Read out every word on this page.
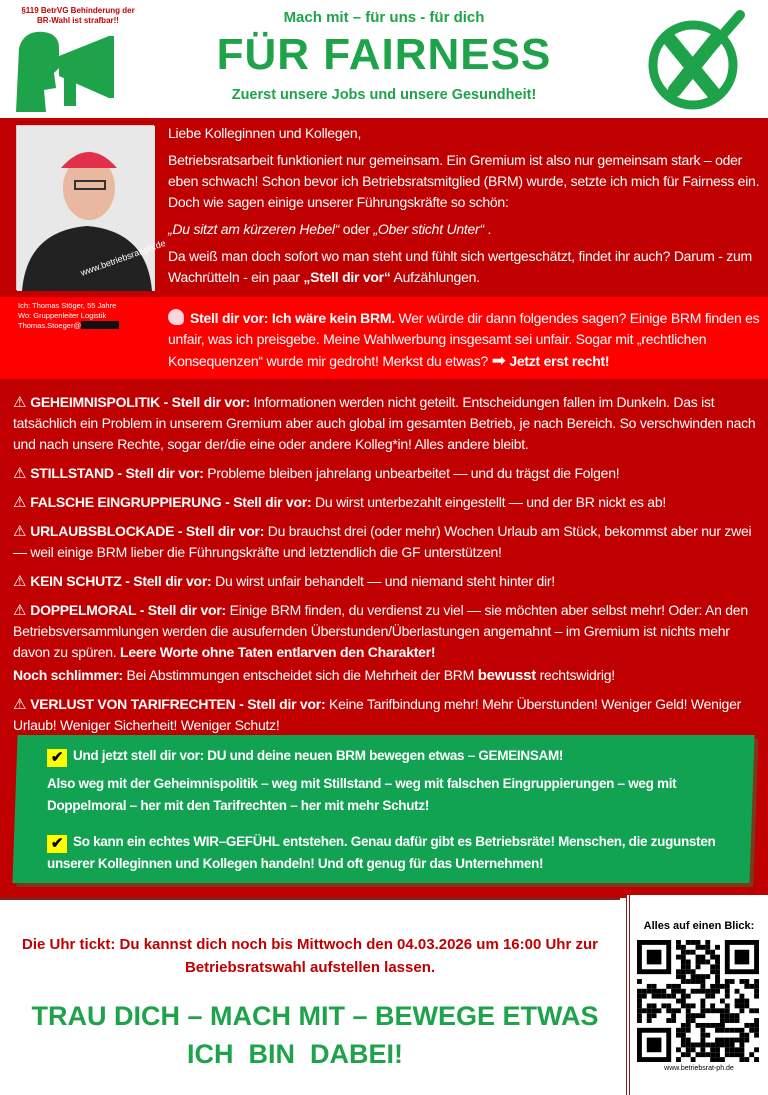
§119 BetrVG Behinderung der BR-Wahl ist strafbar!!	Mach mit – für uns - für dich
FÜR FAIRNESS
Zuerst unsere Jobs und unsere Gesundheit!
www.betriebsrat-ph.de

Liebe Kolleginnen und Kollegen,

Betriebsratsarbeit funktioniert nur gemeinsam. Ein Gremium ist also nur gemeinsam stark – oder eben schwach! Schon bevor ich Betriebsratsmitglied (BRM) wurde, setzte ich mich für Fairness ein. Doch wie sagen einige unserer Führungskräfte so schön:

„Du sitzt am kürzeren Hebel“ oder „Ober sticht Unter“ .

Da weiß man doch sofort wo man steht und fühlt sich wertgeschätzt, findet ihr auch? Darum - zum Wachrütteln - ein paar „Stell dir vor“ Aufzählungen.

Ich: Thomas Stöger, 55 Jahre
Wo: Gruppenleiter Logistik
Thomas.Stoeger@	Stell dir vor: Ich wäre kein BRM. Wer würde dir dann folgendes sagen? Einige BRM finden es unfair, was ich preisgebe. Meine Wahlwerbung insgesamt sei unfair. Sogar mit „rechtlichen Konsequenzen“ wurde mir gedroht! Merkst du etwas? ➡ Jetzt erst recht!

⚠ GEHEIMNISPOLITIK - Stell dir vor: Informationen werden nicht geteilt. Entscheidungen fallen im Dunkeln. Das ist tatsächlich ein Problem in unserem Gremium aber auch global im gesamten Betrieb, je nach Bereich. So verschwinden nach und nach unsere Rechte, sogar der/die eine oder andere Kolleg*in! Alles andere bleibt.

⚠ STILLSTAND - Stell dir vor: Probleme bleiben jahrelang unbearbeitet — und du trägst die Folgen!

⚠ FALSCHE EINGRUPPIERUNG - Stell dir vor: Du wirst unterbezahlt eingestellt — und der BR nickt es ab!

⚠ URLAUBSBLOCKADE - Stell dir vor: Du brauchst drei (oder mehr) Wochen Urlaub am Stück, bekommst aber nur zwei — weil einige BRM lieber die Führungskräfte und letztendlich die GF unterstützen!

⚠ KEIN SCHUTZ - Stell dir vor: Du wirst unfair behandelt — und niemand steht hinter dir!

⚠ DOPPELMORAL - Stell dir vor: Einige BRM finden, du verdienst zu viel — sie möchten aber selbst mehr! Oder: An den Betriebsversammlungen werden die ausufernden Überstunden/Überlastungen angemahnt – im Gremium ist nichts mehr davon zu spüren. Leere Worte ohne Taten entlarven den Charakter!

Noch schlimmer: Bei Abstimmungen entscheidet sich die Mehrheit der BRM bewusst rechtswidrig!

⚠ VERLUST VON TARIFRECHTEN - Stell dir vor: Keine Tarifbindung mehr! Mehr Überstunden! Weniger Geld! Weniger Urlaub! Weniger Sicherheit! Weniger Schutz!

✔ Und jetzt stell dir vor: DU und deine neuen BRM bewegen etwas – GEMEINSAM!

Also weg mit der Geheimnispolitik – weg mit Stillstand – weg mit falschen Eingruppierungen – weg mit Doppelmoral – her mit den Tarifrechten – her mit mehr Schutz!

✔ So kann ein echtes WIR–GEFÜHL entstehen. Genau dafür gibt es Betriebsräte! Menschen, die zugunsten unserer Kolleginnen und Kollegen handeln! Und oft genug für das Unternehmen!

Die Uhr tickt: Du kannst dich noch bis Mittwoch den 04.03.2026 um 16:00 Uhr zur Betriebsratswahl aufstellen lassen.
TRAU DICH – MACH MIT – BEWEGE ETWAS
ICH  BIN  DABEI!
Alles auf einen Blick:
www.betriebsrat-ph.de
